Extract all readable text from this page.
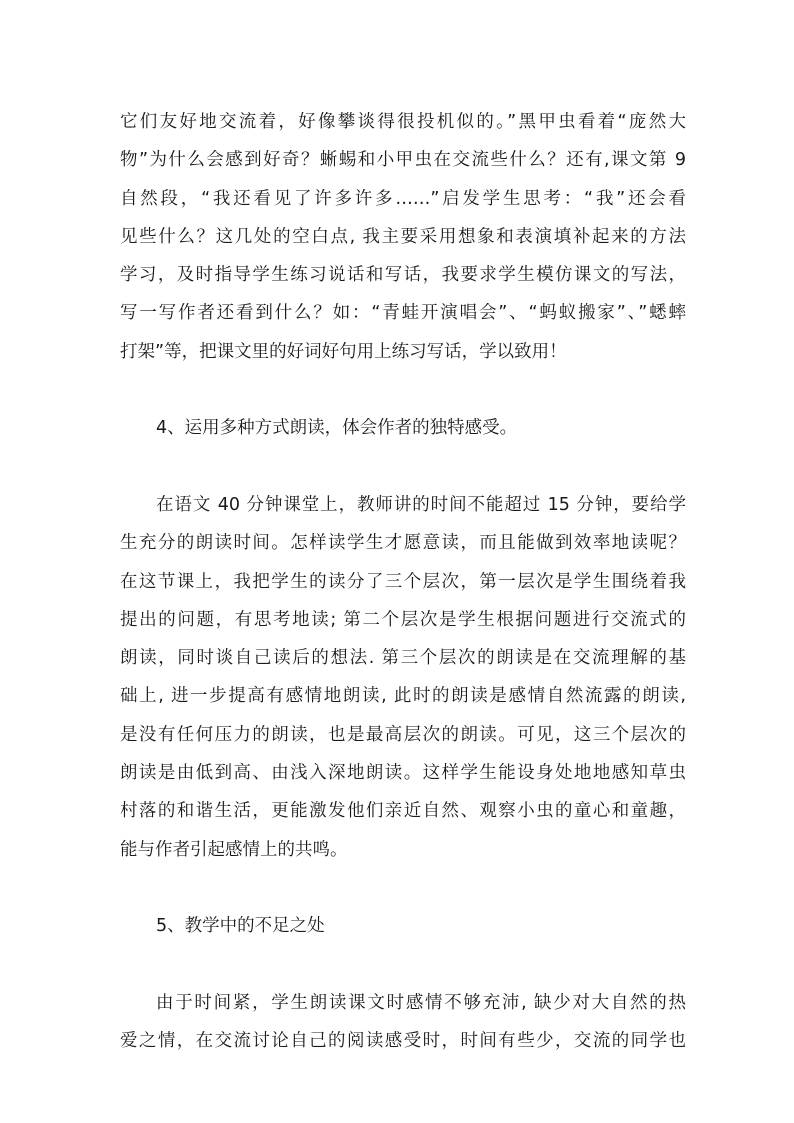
它们友好地交流着，好像攀谈得很投机似的。”黑甲虫看着“庞然大
物”为什么会感到好奇？蜥蜴和小甲虫在交流些什么？还有,课文第 9
自然段，“我还看见了许多许多……”启发学生思考：“我”还会看
见些什么？这几处的空白点, 我主要采用想象和表演填补起来的方法
学习，及时指导学生练习说话和写话，我要求学生模仿课文的写法，
写一写作者还看到什么？如：“青蛙开演唱会”、“蚂蚁搬家”、”蟋蟀
打架”等，把课文里的好词好句用上练习写话，学以致用！
4、运用多种方式朗读，体会作者的独特感受。
在语文 40 分钟课堂上，教师讲的时间不能超过 15 分钟，要给学
生充分的朗读时间。怎样读学生才愿意读，而且能做到效率地读呢？
在这节课上，我把学生的读分了三个层次，第一层次是学生围绕着我
提出的问题，有思考地读; 第二个层次是学生根据问题进行交流式的
朗读，同时谈自己读后的想法. 第三个层次的朗读是在交流理解的基
础上, 进一步提高有感情地朗读, 此时的朗读是感情自然流露的朗读,
是没有任何压力的朗读，也是最高层次的朗读。可见，这三个层次的
朗读是由低到高、由浅入深地朗读。这样学生能设身处地地感知草虫
村落的和谐生活，更能激发他们亲近自然、观察小虫的童心和童趣，
能与作者引起感情上的共鸣。
5、教学中的不足之处
由于时间紧，学生朗读课文时感情不够充沛, 缺少对大自然的热
爱之情，在交流讨论自己的阅读感受时，时间有些少，交流的同学也
